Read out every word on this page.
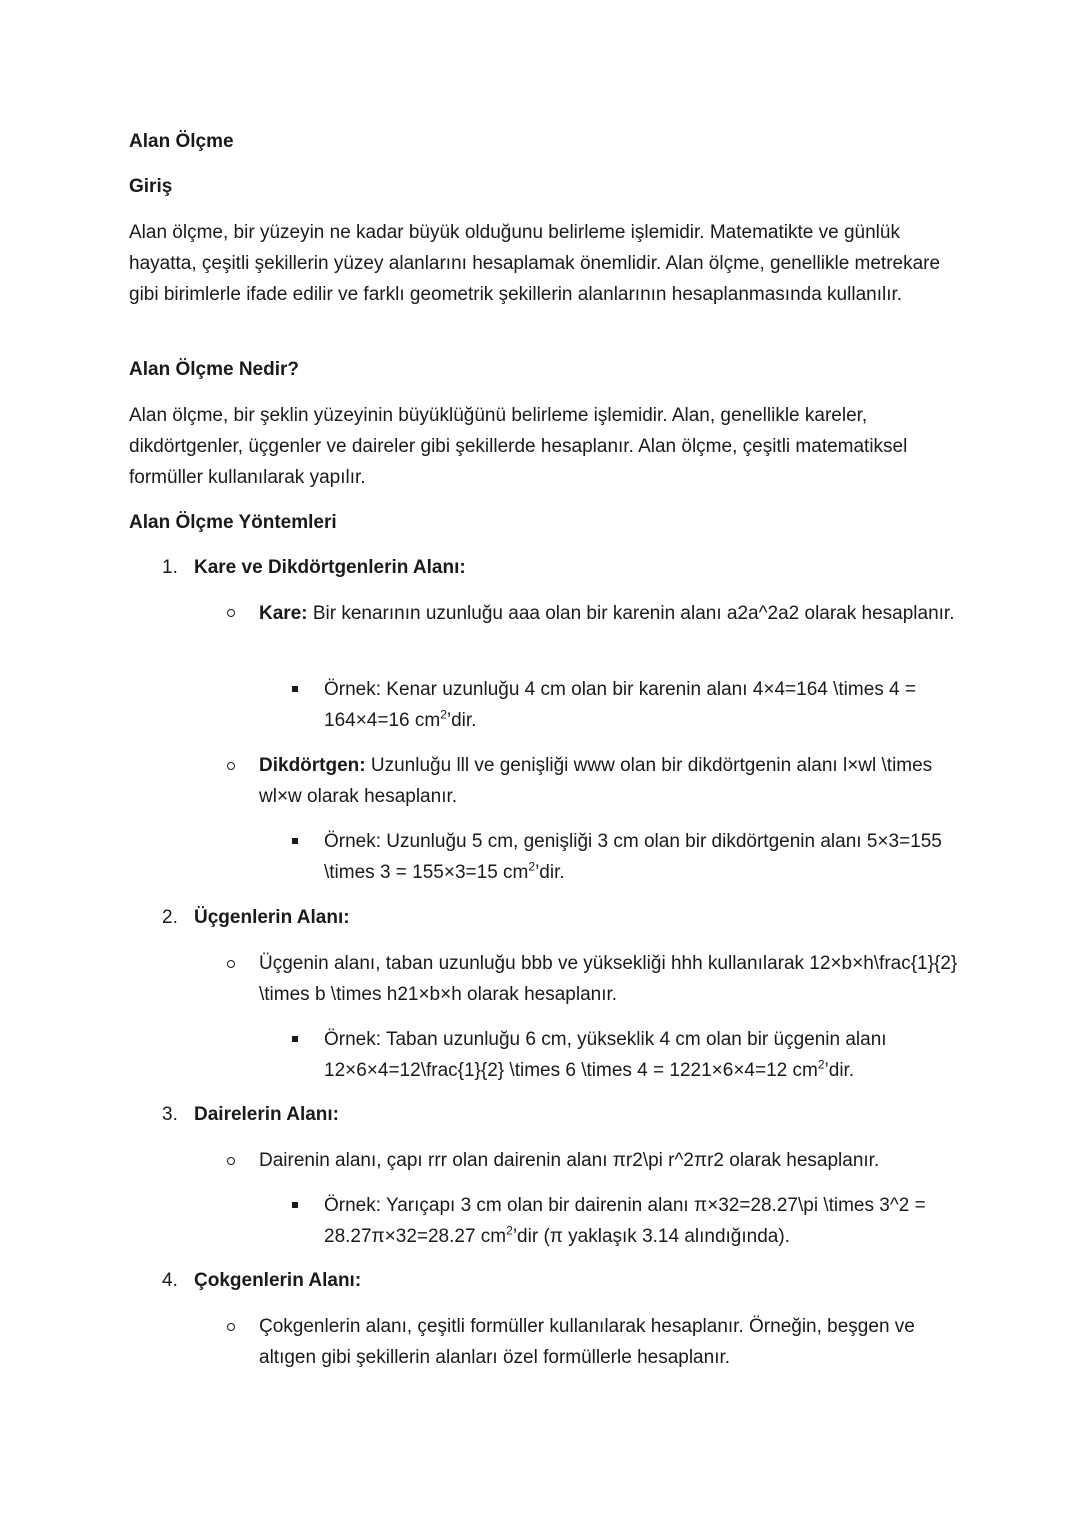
Alan Ölçme
Giriş

Alan ölçme, bir yüzeyin ne kadar büyük olduğunu belirleme işlemidir. Matematikte ve günlük hayatta, çeşitli şekillerin yüzey alanlarını hesaplamak önemlidir. Alan ölçme, genellikle metrekare gibi birimlerle ifade edilir ve farklı geometrik şekillerin alanlarının hesaplanmasında kullanılır.

Alan Ölçme Nedir?

Alan ölçme, bir şeklin yüzeyinin büyüklüğünü belirleme işlemidir. Alan, genellikle kareler, dikdörtgenler, üçgenler ve daireler gibi şekillerde hesaplanır. Alan ölçme, çeşitli matematiksel formüller kullanılarak yapılır.

Alan Ölçme Yöntemleri
1. Kare ve Dikdörtgenlerin Alanı:

Kare: Bir kenarının uzunluğu aaa olan bir karenin alanı a2a^2a2 olarak hesaplanır.

Örnek: Kenar uzunluğu 4 cm olan bir karenin alanı 4×4=164 \times 4 = 164×4=16 $cm^2’dir$.

Dikdörtgen: Uzunluğu lll ve genişliği www olan bir dikdörtgenin alanı l×wl \times wl×w olarak hesaplanır.

Örnek: Uzunluğu 5 cm, genişliği 3 cm olan bir dikdörtgenin alanı 5×3=155 \times 3 = 155×3=15 $cm^2’dir$.

2. Üçgenlerin Alanı:

Üçgenin alanı, taban uzunluğu bbb ve yüksekliği hhh kullanılarak 12×b×h\frac{1}{2} \times b \times h21×b×h olarak hesaplanır.

Örnek: Taban uzunluğu 6 cm, yükseklik 4 cm olan bir üçgenin alanı 12×6×4=12\frac{1}{2} \times 6 \times 4 = 1221×6×4=12 $cm^2’dir$.

3. Dairelerin Alanı:

Dairenin alanı, çapı rrr olan dairenin alanı πr2\pi r^2πr2 olarak hesaplanır.

Örnek: Yarıçapı 3 cm olan bir dairenin alanı π×32=28.27\pi \times 3^2 = 28.27π×32=28.27 $cm^2’dir$ (π yaklaşık 3.14 alındığında).

4. Çokgenlerin Alanı:

Çokgenlerin alanı, çeşitli formüller kullanılarak hesaplanır. Örneğin, beşgen ve altıgen gibi şekillerin alanları özel formüllerle hesaplanır.
